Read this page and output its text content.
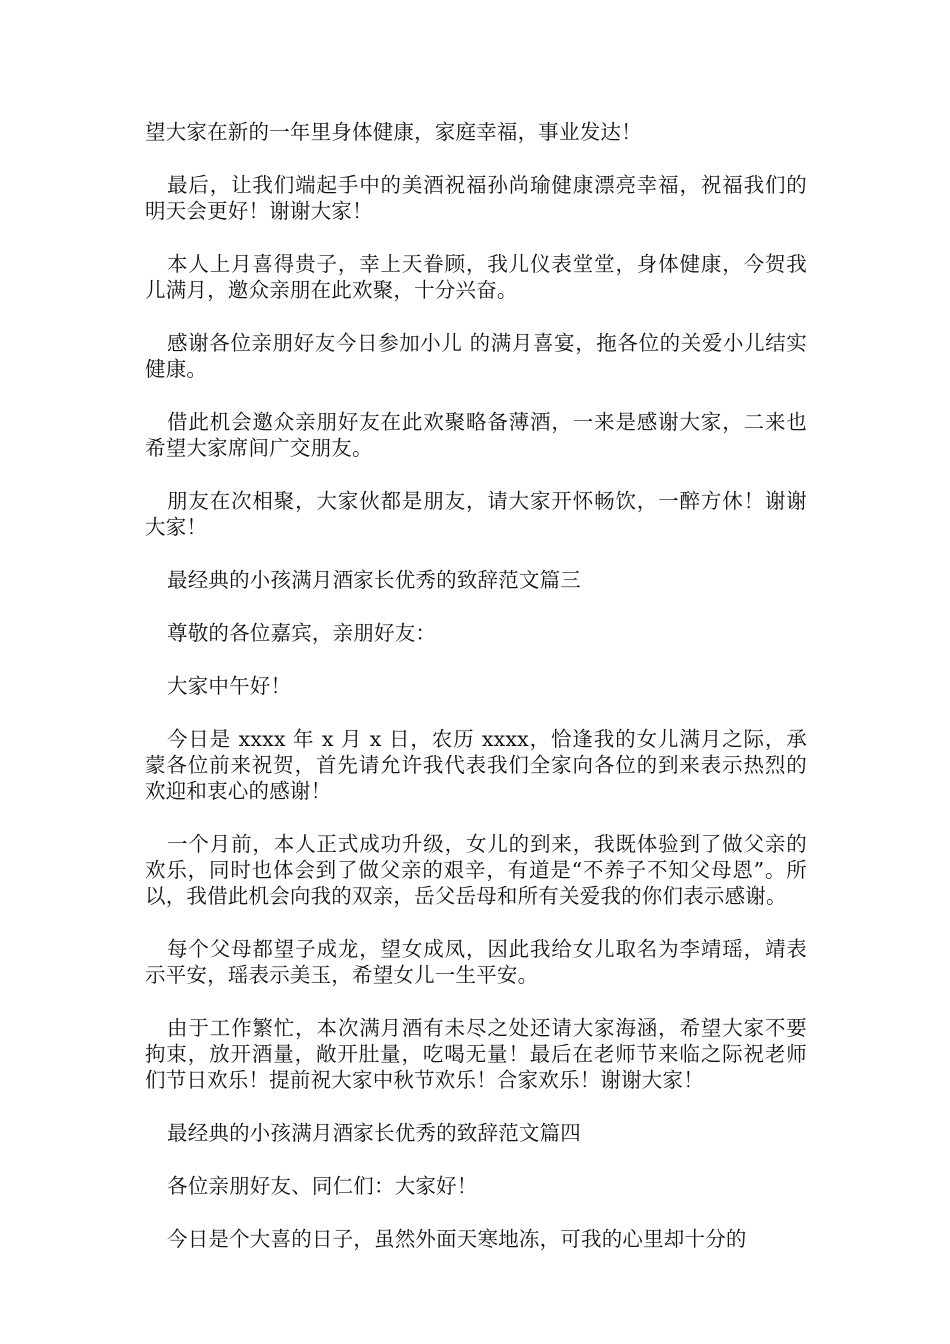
望大家在新的一年里身体健康，家庭幸福，事业发达！

最后，让我们端起手中的美酒祝福孙尚瑜健康漂亮幸福，祝福我们的明天会更好！谢谢大家！

本人上月喜得贵子，幸上天眷顾，我儿仪表堂堂，身体健康，今贺我儿满月，邀众亲朋在此欢聚，十分兴奋。

感谢各位亲朋好友今日参加小儿 的满月喜宴，拖各位的关爱小儿结实健康。

借此机会邀众亲朋好友在此欢聚略备薄酒，一来是感谢大家，二来也希望大家席间广交朋友。

朋友在次相聚，大家伙都是朋友，请大家开怀畅饮，一醉方休！谢谢大家！

最经典的小孩满月酒家长优秀的致辞范文篇三

尊敬的各位嘉宾，亲朋好友：

大家中午好！

今日是 xxxx 年 x 月 x 日，农历 xxxx，恰逢我的女儿满月之际，承蒙各位前来祝贺，首先请允许我代表我们全家向各位的到来表示热烈的欢迎和衷心的感谢！

一个月前，本人正式成功升级，女儿的到来，我既体验到了做父亲的欢乐，同时也体会到了做父亲的艰辛，有道是“不养子不知父母恩”。所以，我借此机会向我的双亲，岳父岳母和所有关爱我的你们表示感谢。

每个父母都望子成龙，望女成凤，因此我给女儿取名为李靖瑶，靖表示平安，瑶表示美玉，希望女儿一生平安。

由于工作繁忙，本次满月酒有未尽之处还请大家海涵，希望大家不要拘束，放开酒量，敞开肚量，吃喝无量！最后在老师节来临之际祝老师们节日欢乐！提前祝大家中秋节欢乐！合家欢乐！谢谢大家！

最经典的小孩满月酒家长优秀的致辞范文篇四

各位亲朋好友、同仁们：大家好！

今日是个大喜的日子，虽然外面天寒地冻，可我的心里却十分的
